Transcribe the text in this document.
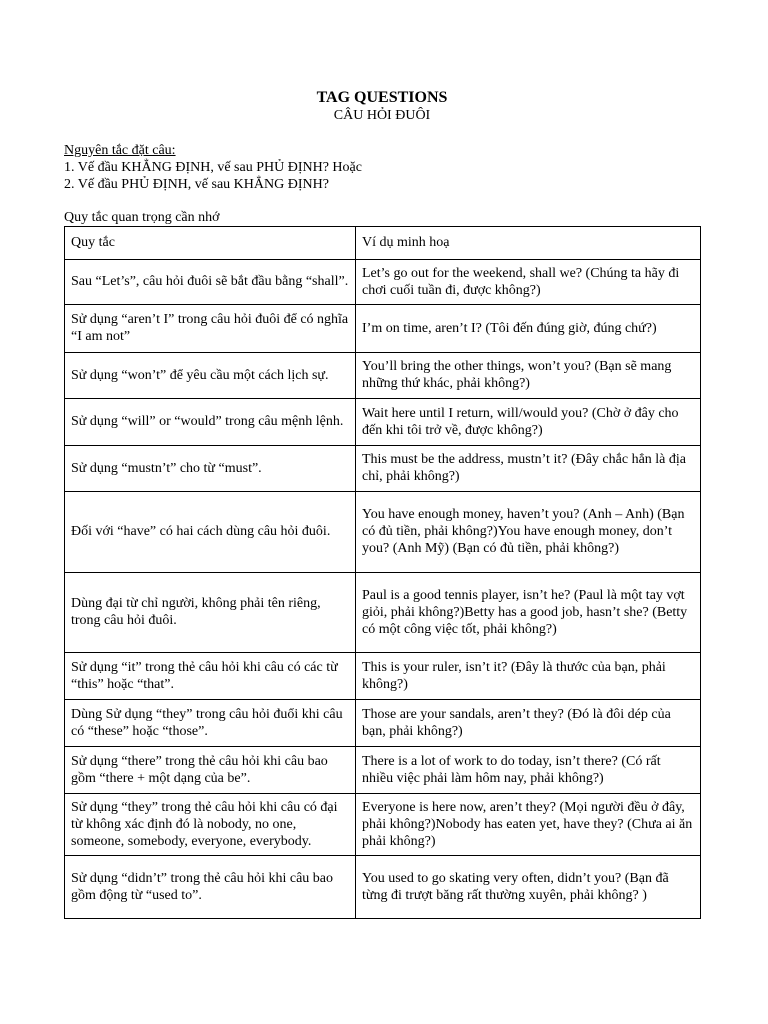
TAG QUESTIONS
CÂU HỎI ĐUÔI
Nguyên tắc đặt câu:
1. Vế đầu KHẲNG ĐỊNH, vế sau PHỦ ĐỊNH? Hoặc
2. Vế đầu PHỦ ĐỊNH, vế sau KHẲNG ĐỊNH?
Quy tắc quan trọng cần nhớ
Quy tắc	Ví dụ minh hoạ
Sau “Let’s”, câu hỏi đuôi sẽ bắt đầu bằng “shall”.	Let’s go out for the weekend, shall we? (Chúng ta hãy đi chơi cuối tuần đi, được không?)
Sử dụng “aren’t I” trong câu hỏi đuôi để có nghĩa “I am not”	I’m on time, aren’t I? (Tôi đến đúng giờ, đúng chứ?)
Sử dụng “won’t” để yêu cầu một cách lịch sự.	You’ll bring the other things, won’t you? (Bạn sẽ mang những thứ khác, phải không?)
Sử dụng “will” or “would” trong câu mệnh lệnh.	Wait here until I return, will/would you? (Chờ ở đây cho đến khi tôi trở về, được không?)
Sử dụng “mustn’t” cho từ “must”.	This must be the address, mustn’t it? (Đây chắc hẳn là địa chỉ, phải không?)
Đối với “have” có hai cách dùng câu hỏi đuôi.	You have enough money, haven’t you? (Anh – Anh) (Bạn có đủ tiền, phải không?)You have enough money, don’t you? (Anh Mỹ) (Bạn có đủ tiền, phải không?)
Dùng đại từ chỉ người, không phải tên riêng, trong câu hỏi đuôi.	Paul is a good tennis player, isn’t he? (Paul là một tay vợt giỏi, phải không?)Betty has a good job, hasn’t she? (Betty có một công việc tốt, phải không?)
Sử dụng “it” trong thẻ câu hỏi khi câu có các từ “this” hoặc “that”.	This is your ruler, isn’t it? (Đây là thước của bạn, phải không?)
Dùng Sử dụng “they” trong câu hỏi đuổi khi câu có “these” hoặc “those”.	Those are your sandals, aren’t they? (Đó là đôi dép của bạn, phải không?)
Sử dụng “there” trong thẻ câu hỏi khi câu bao gồm “there + một dạng của be”.	There is a lot of work to do today, isn’t there? (Có rất nhiều việc phải làm hôm nay, phải không?)
Sử dụng “they” trong thẻ câu hỏi khi câu có đại từ không xác định đó là nobody, no one, someone, somebody, everyone, everybody.	Everyone is here now, aren’t they? (Mọi người đều ở đây, phải không?)Nobody has eaten yet, have they? (Chưa ai ăn phải không?)
Sử dụng “didn’t” trong thẻ câu hỏi khi câu bao gồm động từ “used to”.	You used to go skating very often, didn’t you? (Bạn đã từng đi trượt băng rất thường xuyên, phải không? )
